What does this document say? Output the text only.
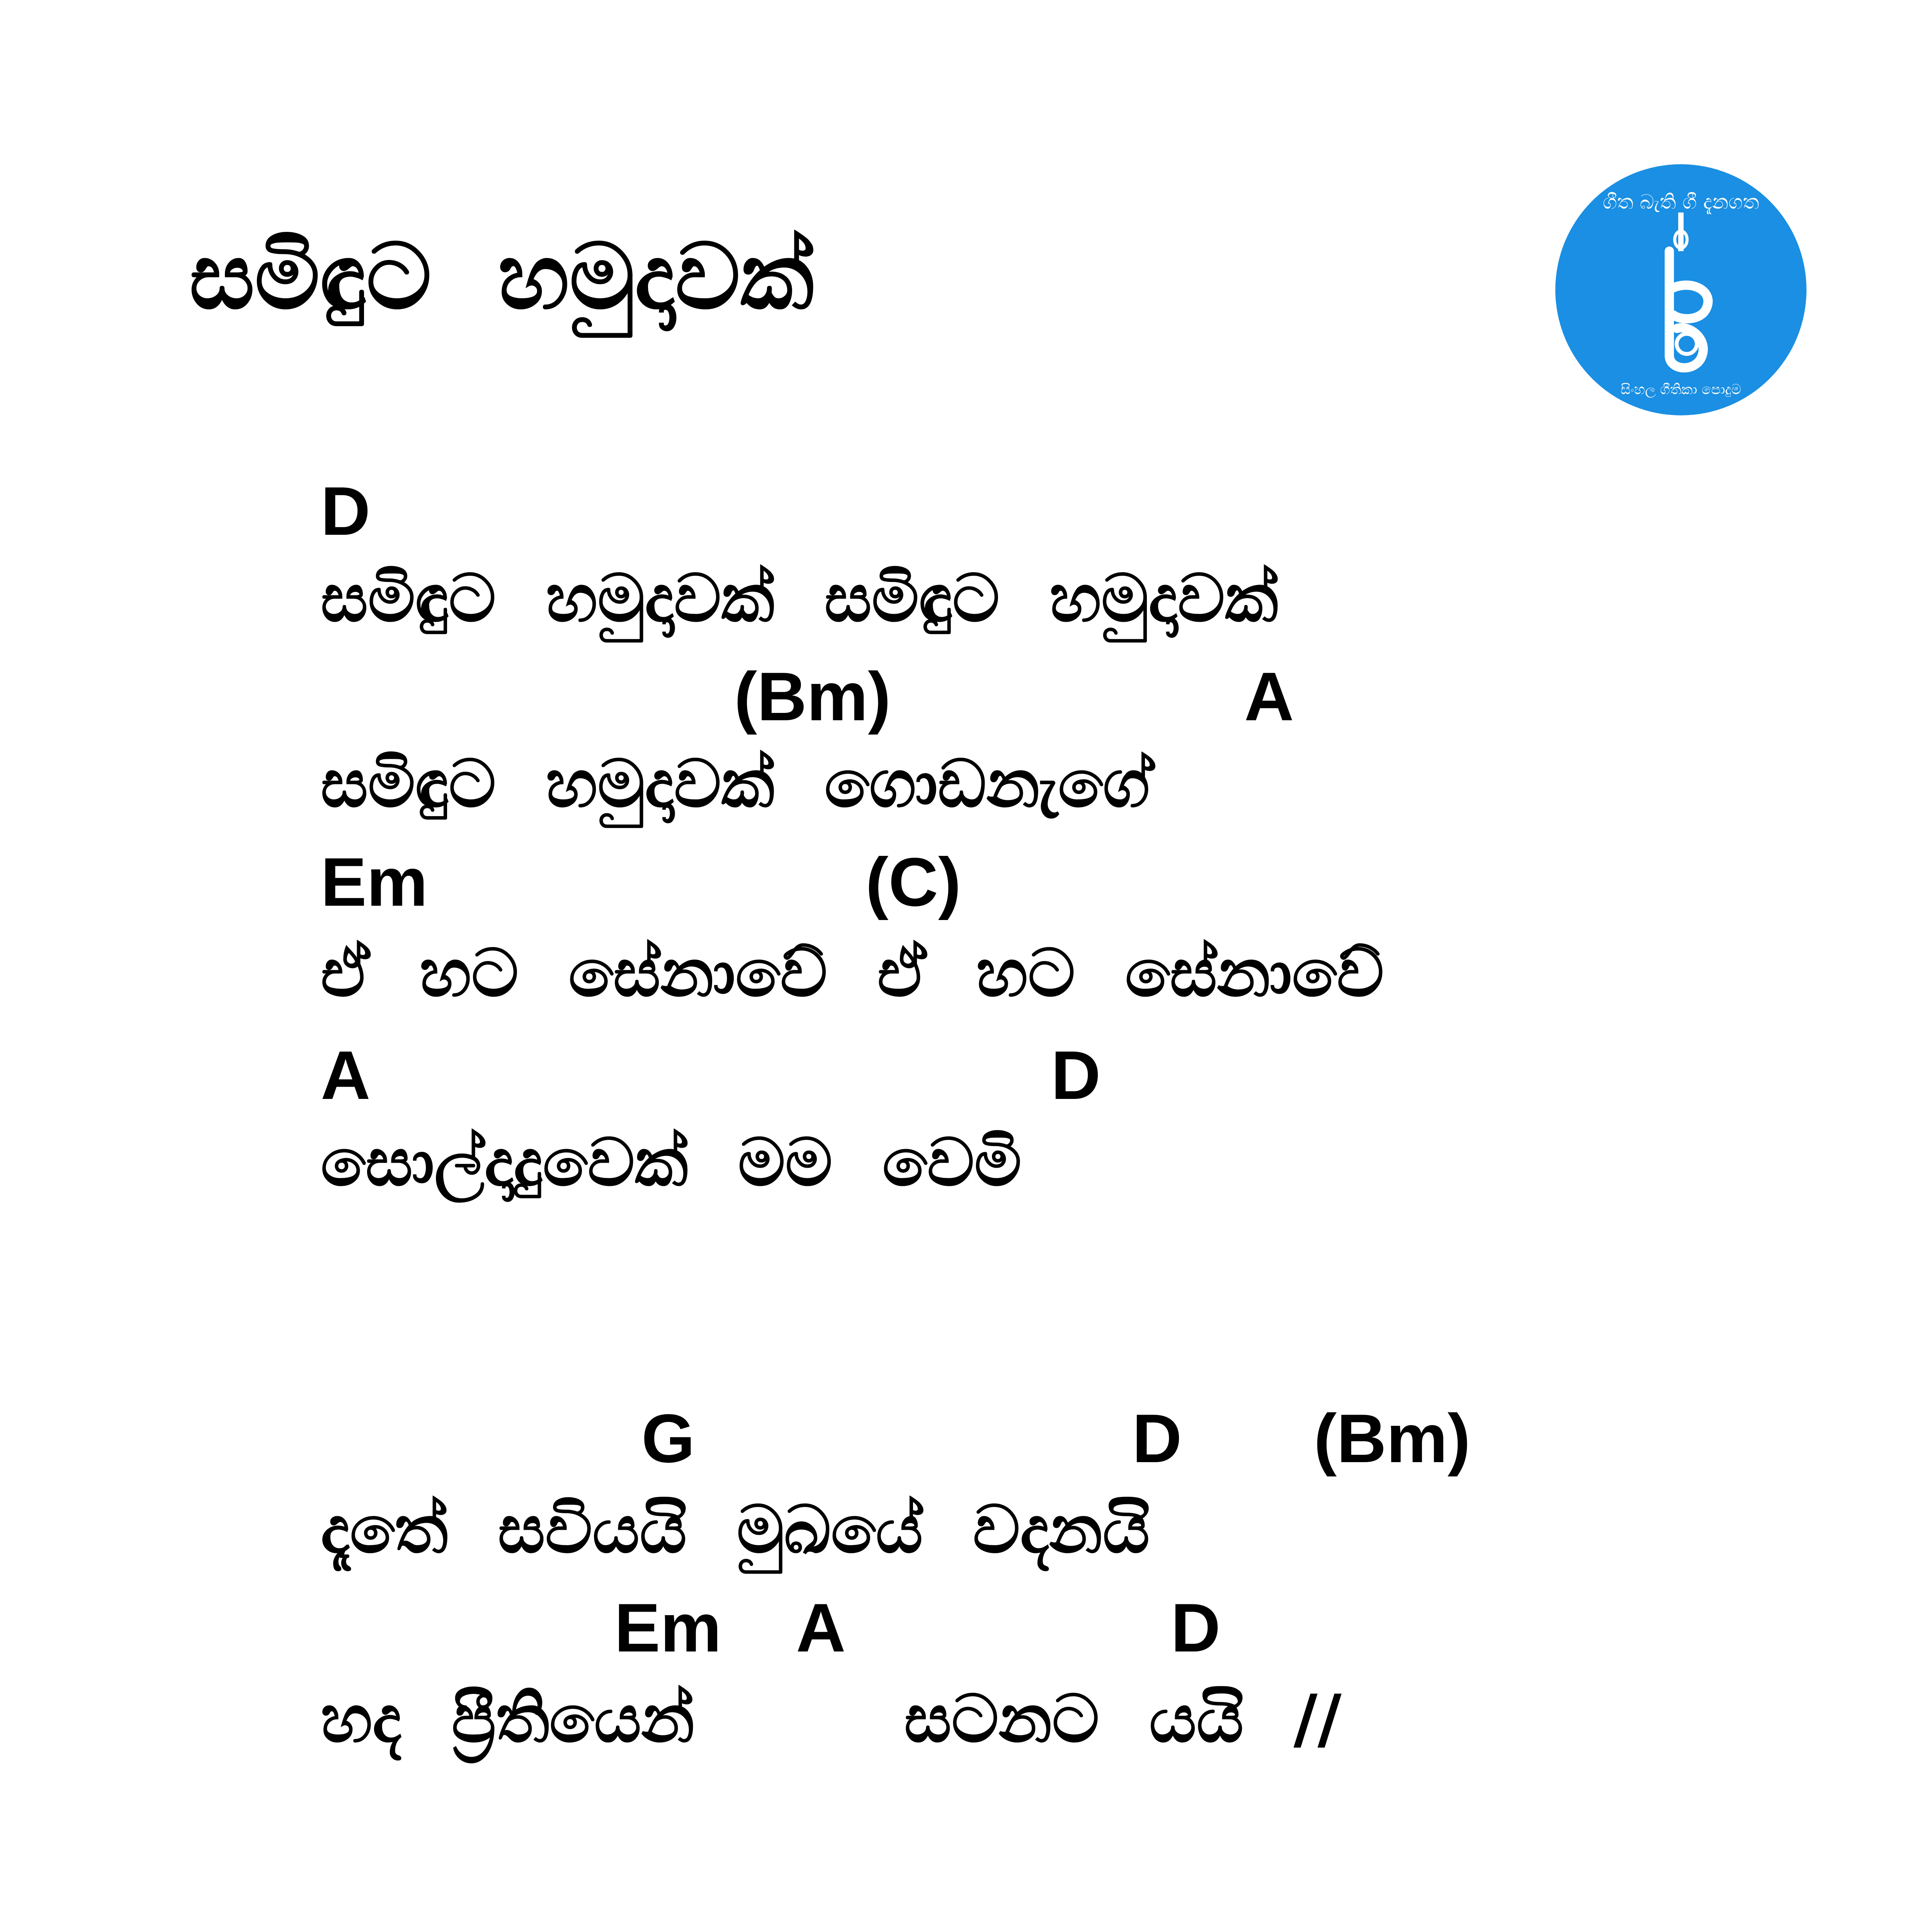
සමිඳුට හමුදාවක්
ගීත බැති ගී දැනගත
සිංහල ගීතිකා පොදුම
D
සමිඳුට හමුදාවක් සමිඳුට හමුදාවක්
(Bm)	A
සමිඳුට හමුදාවක් ගොඩනැගේ
Em	(C)
ඒ හට සේනාවේ ඒ හට සේනාවේ
A	D
සොල්දාදුවෙක් මම වෙමි
G	D (Bm)
දෑතේ සවියයි මුඛයේ වදනයි
Em A	D
හද ප්‍රීතියෙන්	සටනට යයි //
